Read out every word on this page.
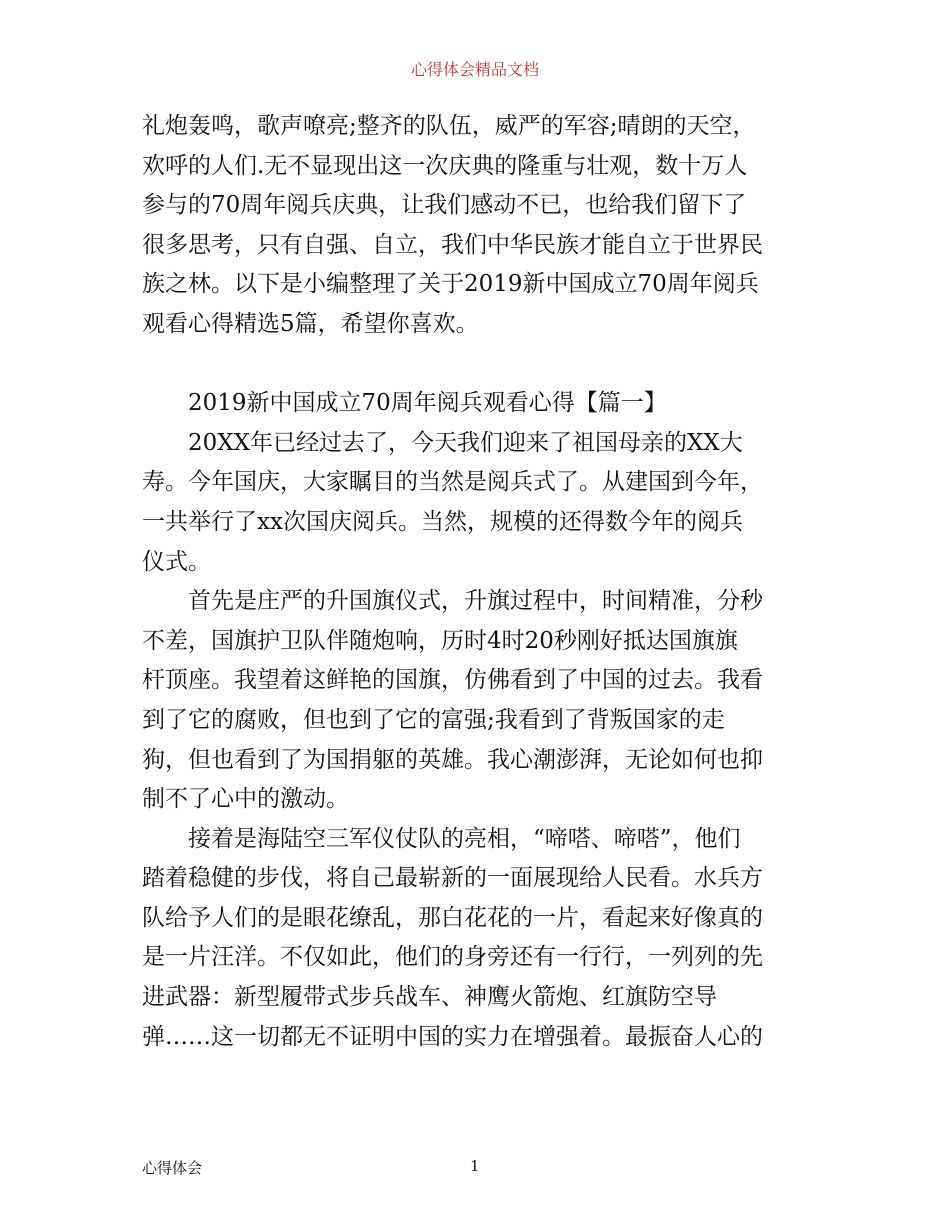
心得体会精品文档
礼炮轰鸣，歌声嘹亮;整齐的队伍，威严的军容;晴朗的天空，
欢呼的人们.无不显现出这一次庆典的隆重与壮观，数十万人
参与的70周年阅兵庆典，让我们感动不已，也给我们留下了
很多思考，只有自强、自立，我们中华民族才能自立于世界民
族之林。以下是小编整理了关于2019新中国成立70周年阅兵
观看心得精选5篇，希望你喜欢。
2019新中国成立70周年阅兵观看心得【篇一】
20XX年已经过去了，今天我们迎来了祖国母亲的XX大
寿。今年国庆，大家瞩目的当然是阅兵式了。从建国到今年，
一共举行了xx次国庆阅兵。当然，规模的还得数今年的阅兵
仪式。
首先是庄严的升国旗仪式，升旗过程中，时间精准，分秒
不差，国旗护卫队伴随炮响，历时4时20秒刚好抵达国旗旗
杆顶座。我望着这鲜艳的国旗，仿佛看到了中国的过去。我看
到了它的腐败，但也到了它的富强;我看到了背叛国家的走
狗，但也看到了为国捐躯的英雄。我心潮澎湃，无论如何也抑
制不了心中的激动。
接着是海陆空三军仪仗队的亮相，“啼嗒、啼嗒”，他们
踏着稳健的步伐，将自己最崭新的一面展现给人民看。水兵方
队给予人们的是眼花缭乱，那白花花的一片，看起来好像真的
是一片汪洋。不仅如此，他们的身旁还有一行行，一列列的先
进武器：新型履带式步兵战车、神鹰火箭炮、红旗防空导
弹……这一切都无不证明中国的实力在增强着。最振奋人心的
心得体会	1
